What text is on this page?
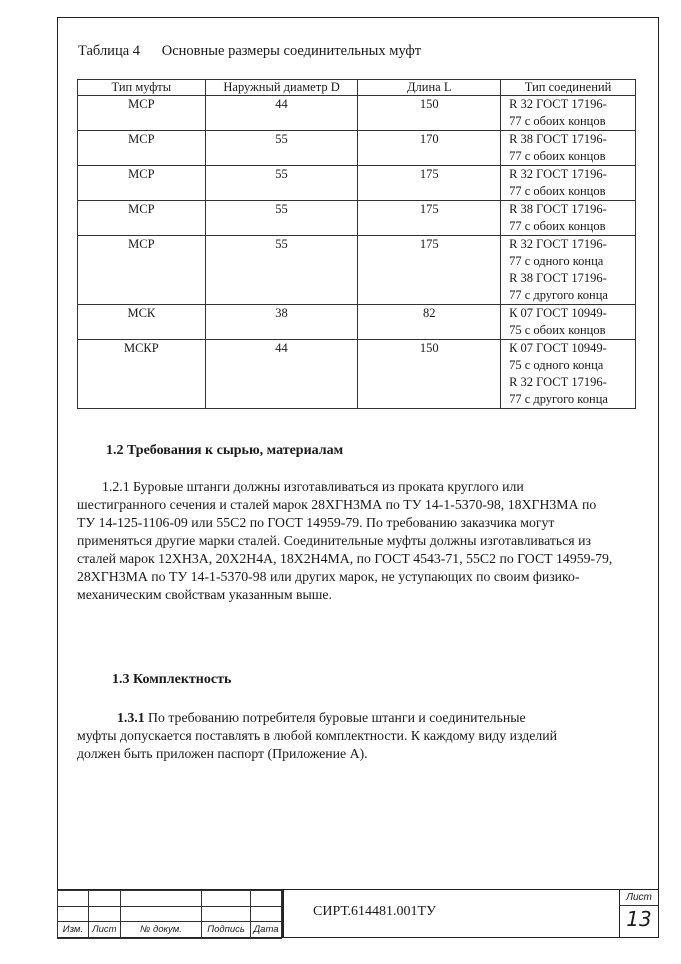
Таблица 4 Основные размеры соединительных муфт
Тип муфты	Наружный диаметр D	Длина L	Тип соединений
МСР	44	150	R 32 ГОСТ 17196-
77 с обоих концов

МСР	55	170	R 38 ГОСТ 17196-
77 с обоих концов

МСР	55	175	R 32 ГОСТ 17196-
77 с обоих концов

МСР	55	175	R 38 ГОСТ 17196-
77 с обоих концов

МСР	55	175	R 32 ГОСТ 17196-
77 с одного конца
R 38 ГОСТ 17196-
77 с другого конца

МСК	38	82	К 07 ГОСТ 10949-
75 с обоих концов

МСКР	44	150	К 07 ГОСТ 10949-
75 с одного конца
R 32 ГОСТ 17196-
77 с другого конца
1.2 Требования к сырью, материалам
1.2.1 Буровые штанги должны изготавливаться из проката круглого или
шестигранного сечения и сталей марок 28ХГН3МА по ТУ 14-1-5370-98, 18ХГН3МА по
ТУ 14-125-1106-09 или 55С2 по ГОСТ 14959-79. По требованию заказчика могут
применяться другие марки сталей. Соединительные муфты должны изготавливаться из
сталей марок 12ХН3А, 20Х2Н4А, 18Х2Н4МА, по ГОСТ 4543-71, 55С2 по ГОСТ 14959-79,
28ХГН3МА по ТУ 14-1-5370-98 или других марок, не уступающих по своим физико-
механическим свойствам указанным выше.
1.3 Комплектность
1.3.1 По требованию потребителя буровые штанги и соединительные
муфты допускается поставлять в любой комплектности. К каждому виду изделий
должен быть приложен паспорт (Приложение А).

Изм.	Лист	№ докум.	Подпись	Дата
СИРТ.614481.001ТУ
Лист
13
